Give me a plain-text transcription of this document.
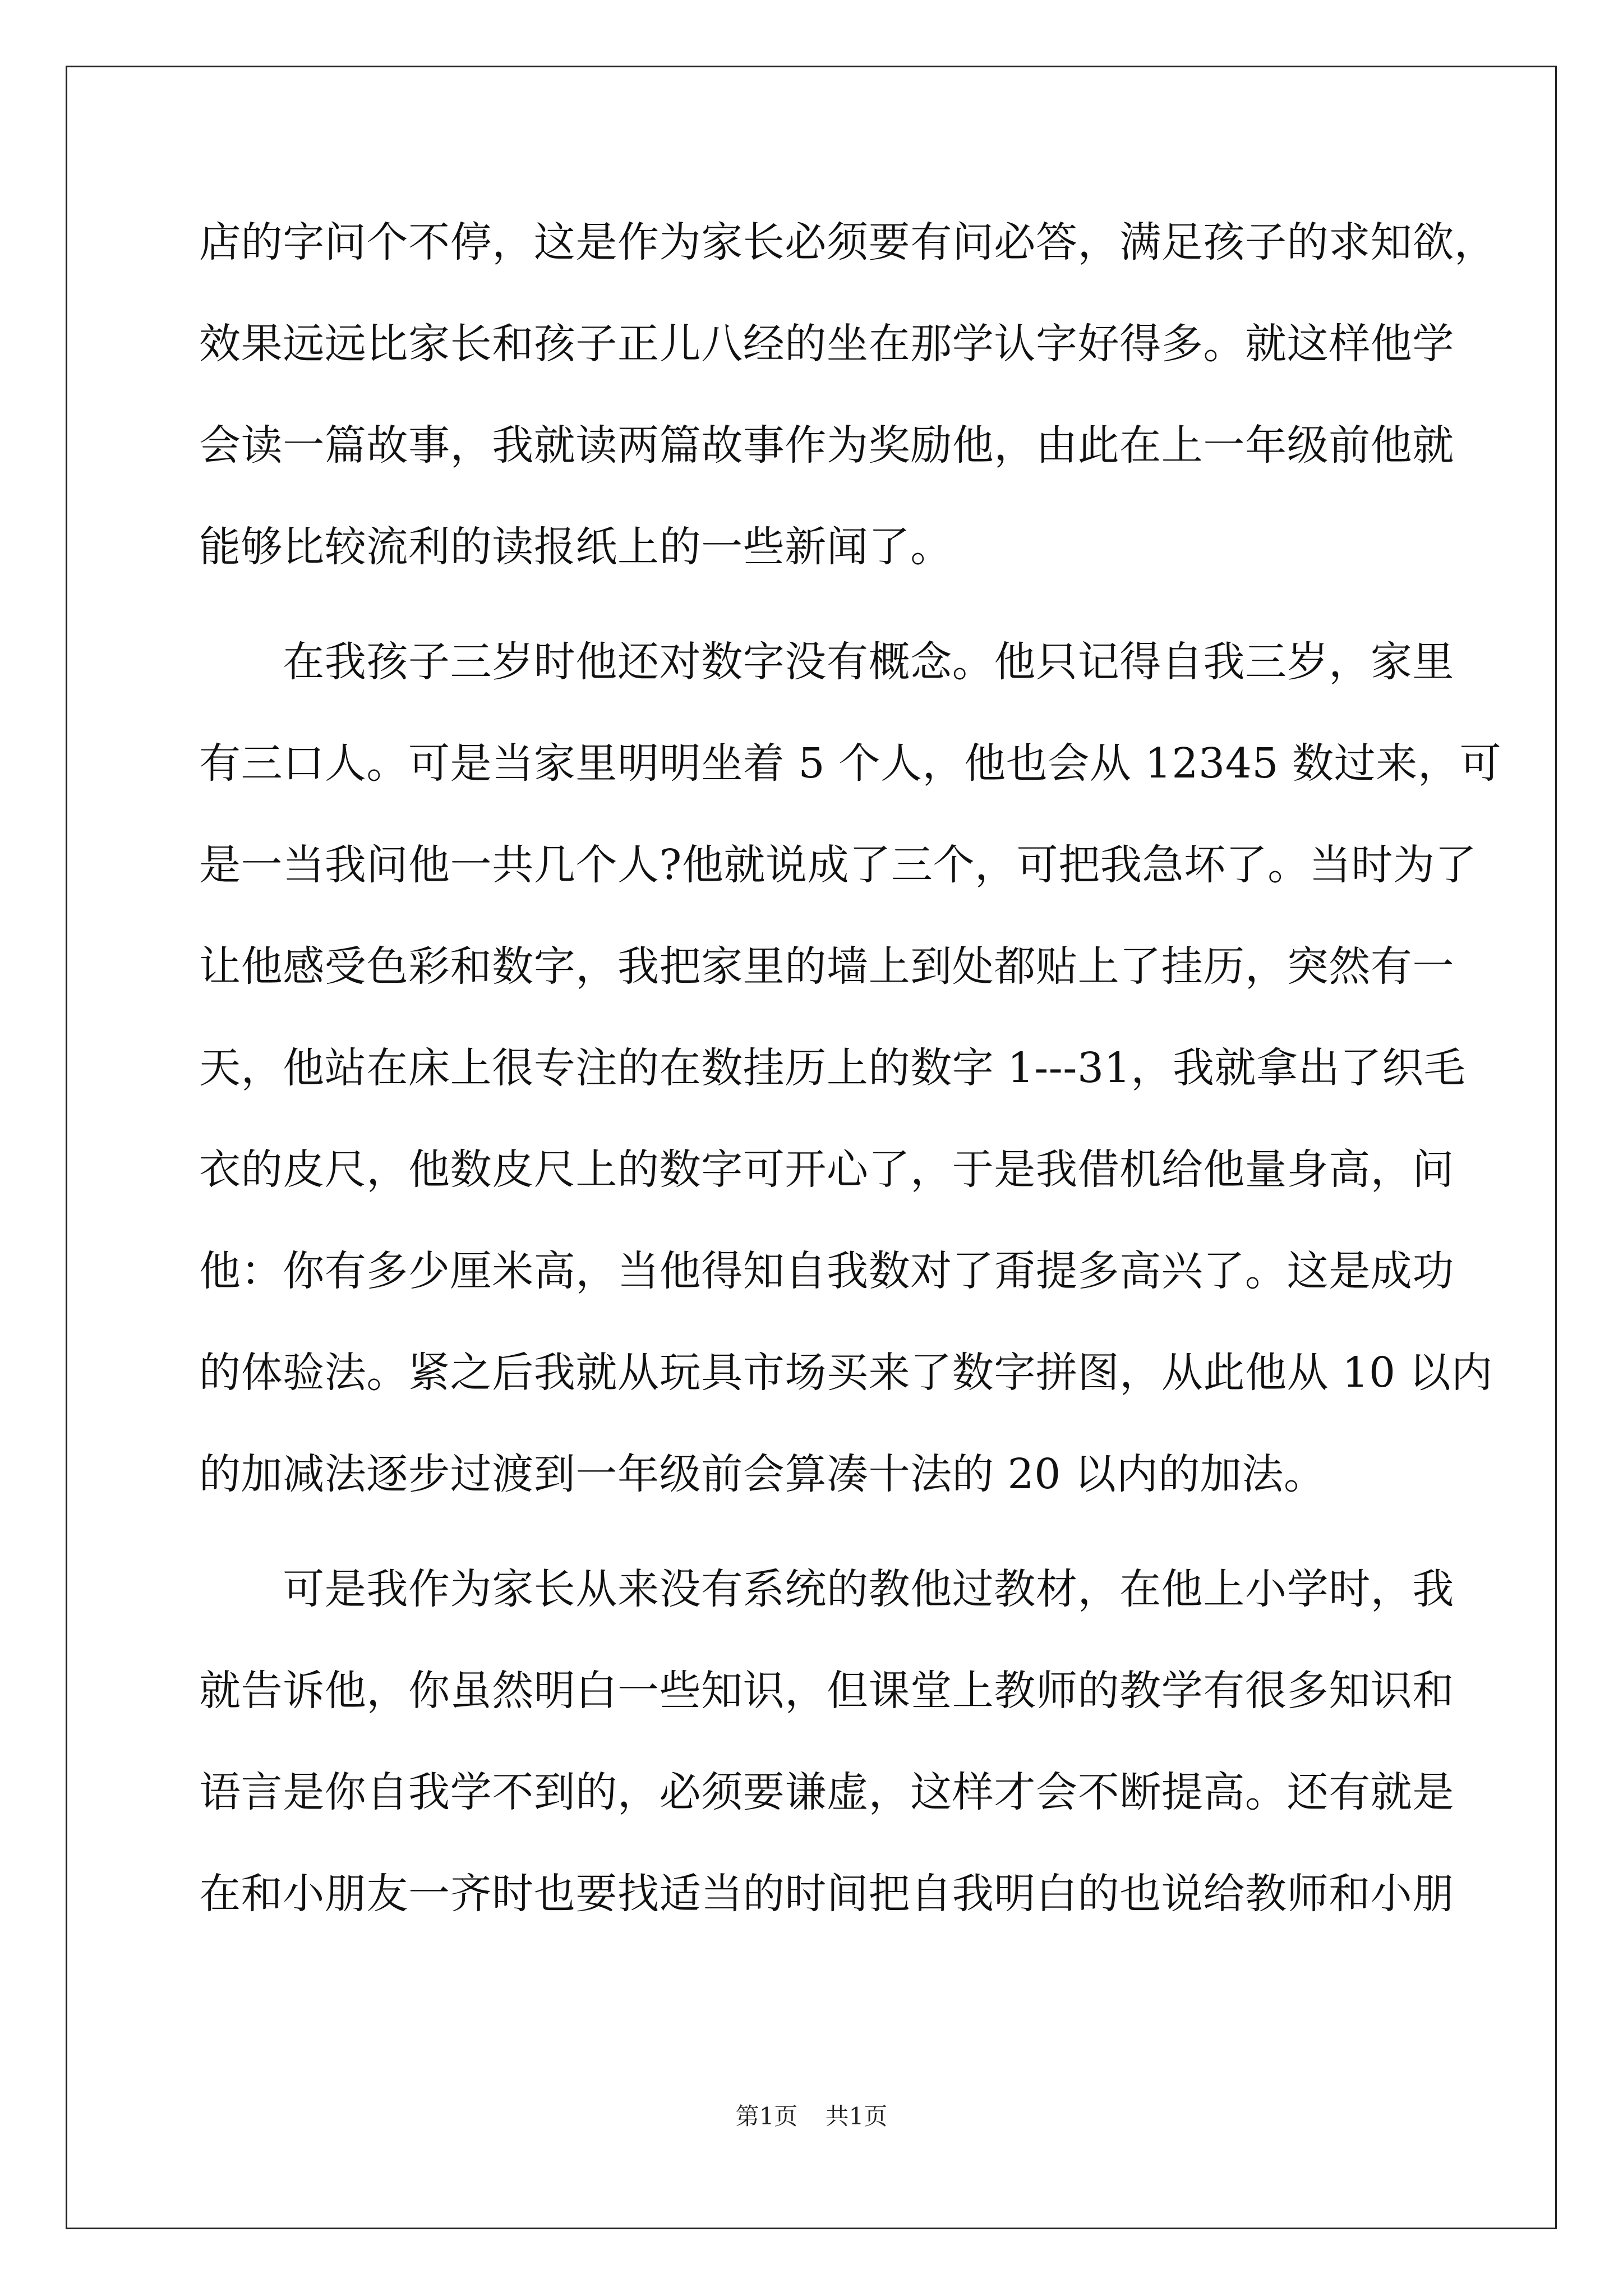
店的字问个不停，这是作为家长必须要有问必答，满足孩子的求知欲，
效果远远比家长和孩子正儿八经的坐在那学认字好得多。就这样他学
会读一篇故事，我就读两篇故事作为奖励他，由此在上一年级前他就
能够比较流利的读报纸上的一些新闻了。
　　在我孩子三岁时他还对数字没有概念。他只记得自我三岁，家里
有三口人。可是当家里明明坐着 5 个人，他也会从 12345 数过来，可
是一当我问他一共几个人?他就说成了三个，可把我急坏了。当时为了
让他感受色彩和数字，我把家里的墙上到处都贴上了挂历，突然有一
天，他站在床上很专注的在数挂历上的数字 1---31，我就拿出了织毛
衣的皮尺，他数皮尺上的数字可开心了，于是我借机给他量身高，问
他：你有多少厘米高，当他得知自我数对了甭提多高兴了。这是成功
的体验法。紧之后我就从玩具市场买来了数字拼图，从此他从 10 以内
的加减法逐步过渡到一年级前会算凑十法的 20 以内的加法。
　　可是我作为家长从来没有系统的教他过教材，在他上小学时，我
就告诉他，你虽然明白一些知识，但课堂上教师的教学有很多知识和
语言是你自我学不到的，必须要谦虚，这样才会不断提高。还有就是
在和小朋友一齐时也要找适当的时间把自我明白的也说给教师和小朋
第1页 共1页
